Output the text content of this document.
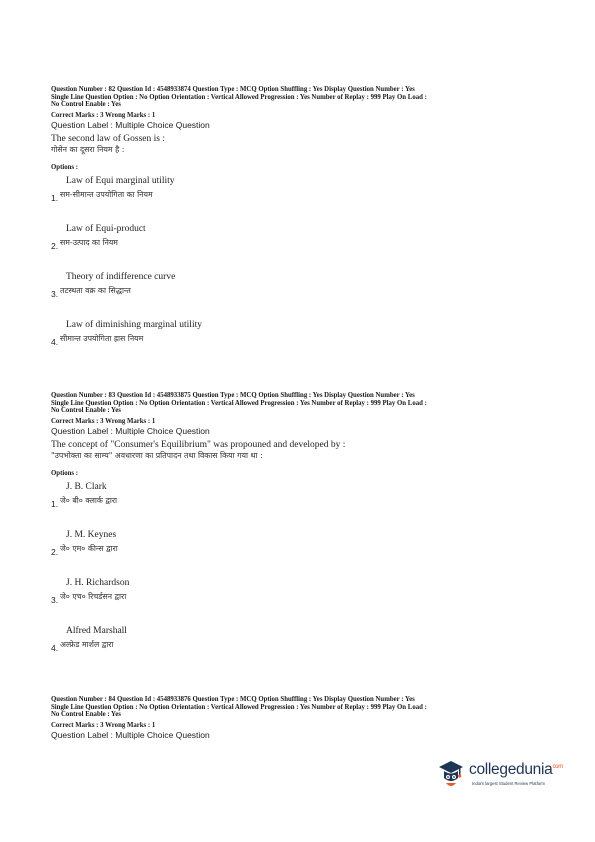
Question Number : 82 Question Id : 4548933874 Question Type : MCQ Option Shuffling : Yes Display Question Number : Yes
Single Line Question Option : No Option Orientation : Vertical Allowed Progression : Yes Number of Replay : 999 Play On Load :
No Control Enable : Yes
Correct Marks : 3 Wrong Marks : 1
Question Label : Multiple Choice Question
The second law of Gossen is :
गोसेन का दूसरा नियम है :
Options :
Law of Equi marginal utility
सम-सीमान्त उपयोगिता का नियम
1.
Law of Equi-product
सम-उत्पाद का नियम
2.
Theory of indifference curve
तटस्थता वक्र का सिद्धान्त
3.
Law of diminishing marginal utility
सीमान्त उपयोगिता ह्रास नियम
4.
Question Number : 83 Question Id : 4548933875 Question Type : MCQ Option Shuffling : Yes Display Question Number : Yes
Single Line Question Option : No Option Orientation : Vertical Allowed Progression : Yes Number of Replay : 999 Play On Load :
No Control Enable : Yes
Correct Marks : 3 Wrong Marks : 1
Question Label : Multiple Choice Question
The concept of "Consumer's Equilibrium" was propouned and developed by :
"उपभोक्ता का साम्य" अवधारणा का प्रतिपादन तथा विकास किया गया था :
Options :
J. B. Clark
जे० बी० क्लार्क द्वारा
1.
J. M. Keynes
जे० एम० कीन्स द्वारा
2.
J. H. Richardson
जे० एच० रिचर्डसन द्वारा
3.
Alfred Marshall
अल्फ्रेड मार्शल द्वारा
4.
Question Number : 84 Question Id : 4548933876 Question Type : MCQ Option Shuffling : Yes Display Question Number : Yes
Single Line Question Option : No Option Orientation : Vertical Allowed Progression : Yes Number of Replay : 999 Play On Load :
No Control Enable : Yes
Correct Marks : 3 Wrong Marks : 1
Question Label : Multiple Choice Question
collegedunia$^{com}$
India's largest Student Review Platform
